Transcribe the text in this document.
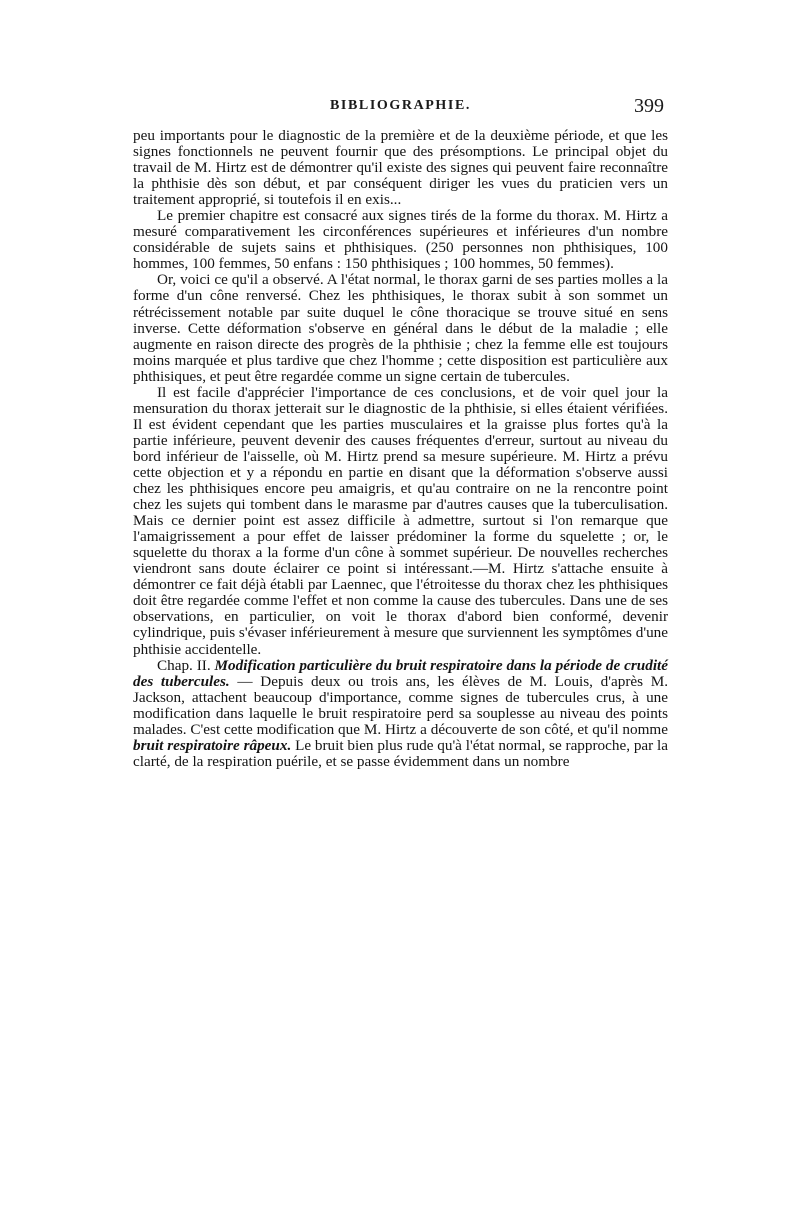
BIBLIOGRAPHIE.	399

peu importants pour le diagnostic de la première et de la deuxième période, et que les signes fonctionnels ne peuvent fournir que des présomptions. Le principal objet du travail de M. Hirtz est de démontrer qu'il existe des signes qui peuvent faire reconnaître la phthisie dès son début, et par conséquent diriger les vues du praticien vers un traitement approprié, si toutefois il en exis...

Le premier chapitre est consacré aux signes tirés de la forme du thorax. M. Hirtz a mesuré comparativement les circonférences supérieures et inférieures d'un nombre considérable de sujets sains et phthisiques. (250 personnes non phthisiques, 100 hommes, 100 femmes, 50 enfans : 150 phthisiques ; 100 hommes, 50 femmes).

Or, voici ce qu'il a observé. A l'état normal, le thorax garni de ses parties molles a la forme d'un cône renversé. Chez les phthisiques, le thorax subit à son sommet un rétrécissement notable par suite duquel le cône thoracique se trouve situé en sens inverse. Cette déformation s'observe en général dans le début de la maladie ; elle augmente en raison directe des progrès de la phthisie ; chez la femme elle est toujours moins marquée et plus tardive que chez l'homme ; cette disposition est particulière aux phthisiques, et peut être regardée comme un signe certain de tubercules.

Il est facile d'apprécier l'importance de ces conclusions, et de voir quel jour la mensuration du thorax jetterait sur le diagnostic de la phthisie, si elles étaient vérifiées. Il est évident cependant que les parties musculaires et la graisse plus fortes qu'à la partie inférieure, peuvent devenir des causes fréquentes d'erreur, surtout au niveau du bord inférieur de l'aisselle, où M. Hirtz prend sa mesure supérieure. M. Hirtz a prévu cette objection et y a répondu en partie en disant que la déformation s'observe aussi chez les phthisiques encore peu amaigris, et qu'au contraire on ne la rencontre point chez les sujets qui tombent dans le marasme par d'autres causes que la tuberculisation. Mais ce dernier point est assez difficile à admettre, surtout si l'on remarque que l'amaigrissement a pour effet de laisser prédominer la forme du squelette ; or, le squelette du thorax a la forme d'un cône à sommet supérieur. De nouvelles recherches viendront sans doute éclairer ce point si intéressant.—M. Hirtz s'attache ensuite à démontrer ce fait déjà établi par Laennec, que l'étroitesse du thorax chez les phthisiques doit être regardée comme l'effet et non comme la cause des tubercules. Dans une de ses observations, en particulier, on voit le thorax d'abord bien conformé, devenir cylindrique, puis s'évaser inférieurement à mesure que surviennent les symptômes d'une phthisie accidentelle.

Chap. II. Modification particulière du bruit respiratoire dans la période de crudité des tubercules. — Depuis deux ou trois ans, les élèves de M. Louis, d'après M. Jackson, attachent beaucoup d'importance, comme signes de tubercules crus, à une modification dans laquelle le bruit respiratoire perd sa souplesse au niveau des points malades. C'est cette modification que M. Hirtz a découverte de son côté, et qu'il nomme bruit respiratoire râpeux. Le bruit bien plus rude qu'à l'état normal, se rapproche, par la clarté, de la respiration puérile, et se passe évidemment dans un nombre
